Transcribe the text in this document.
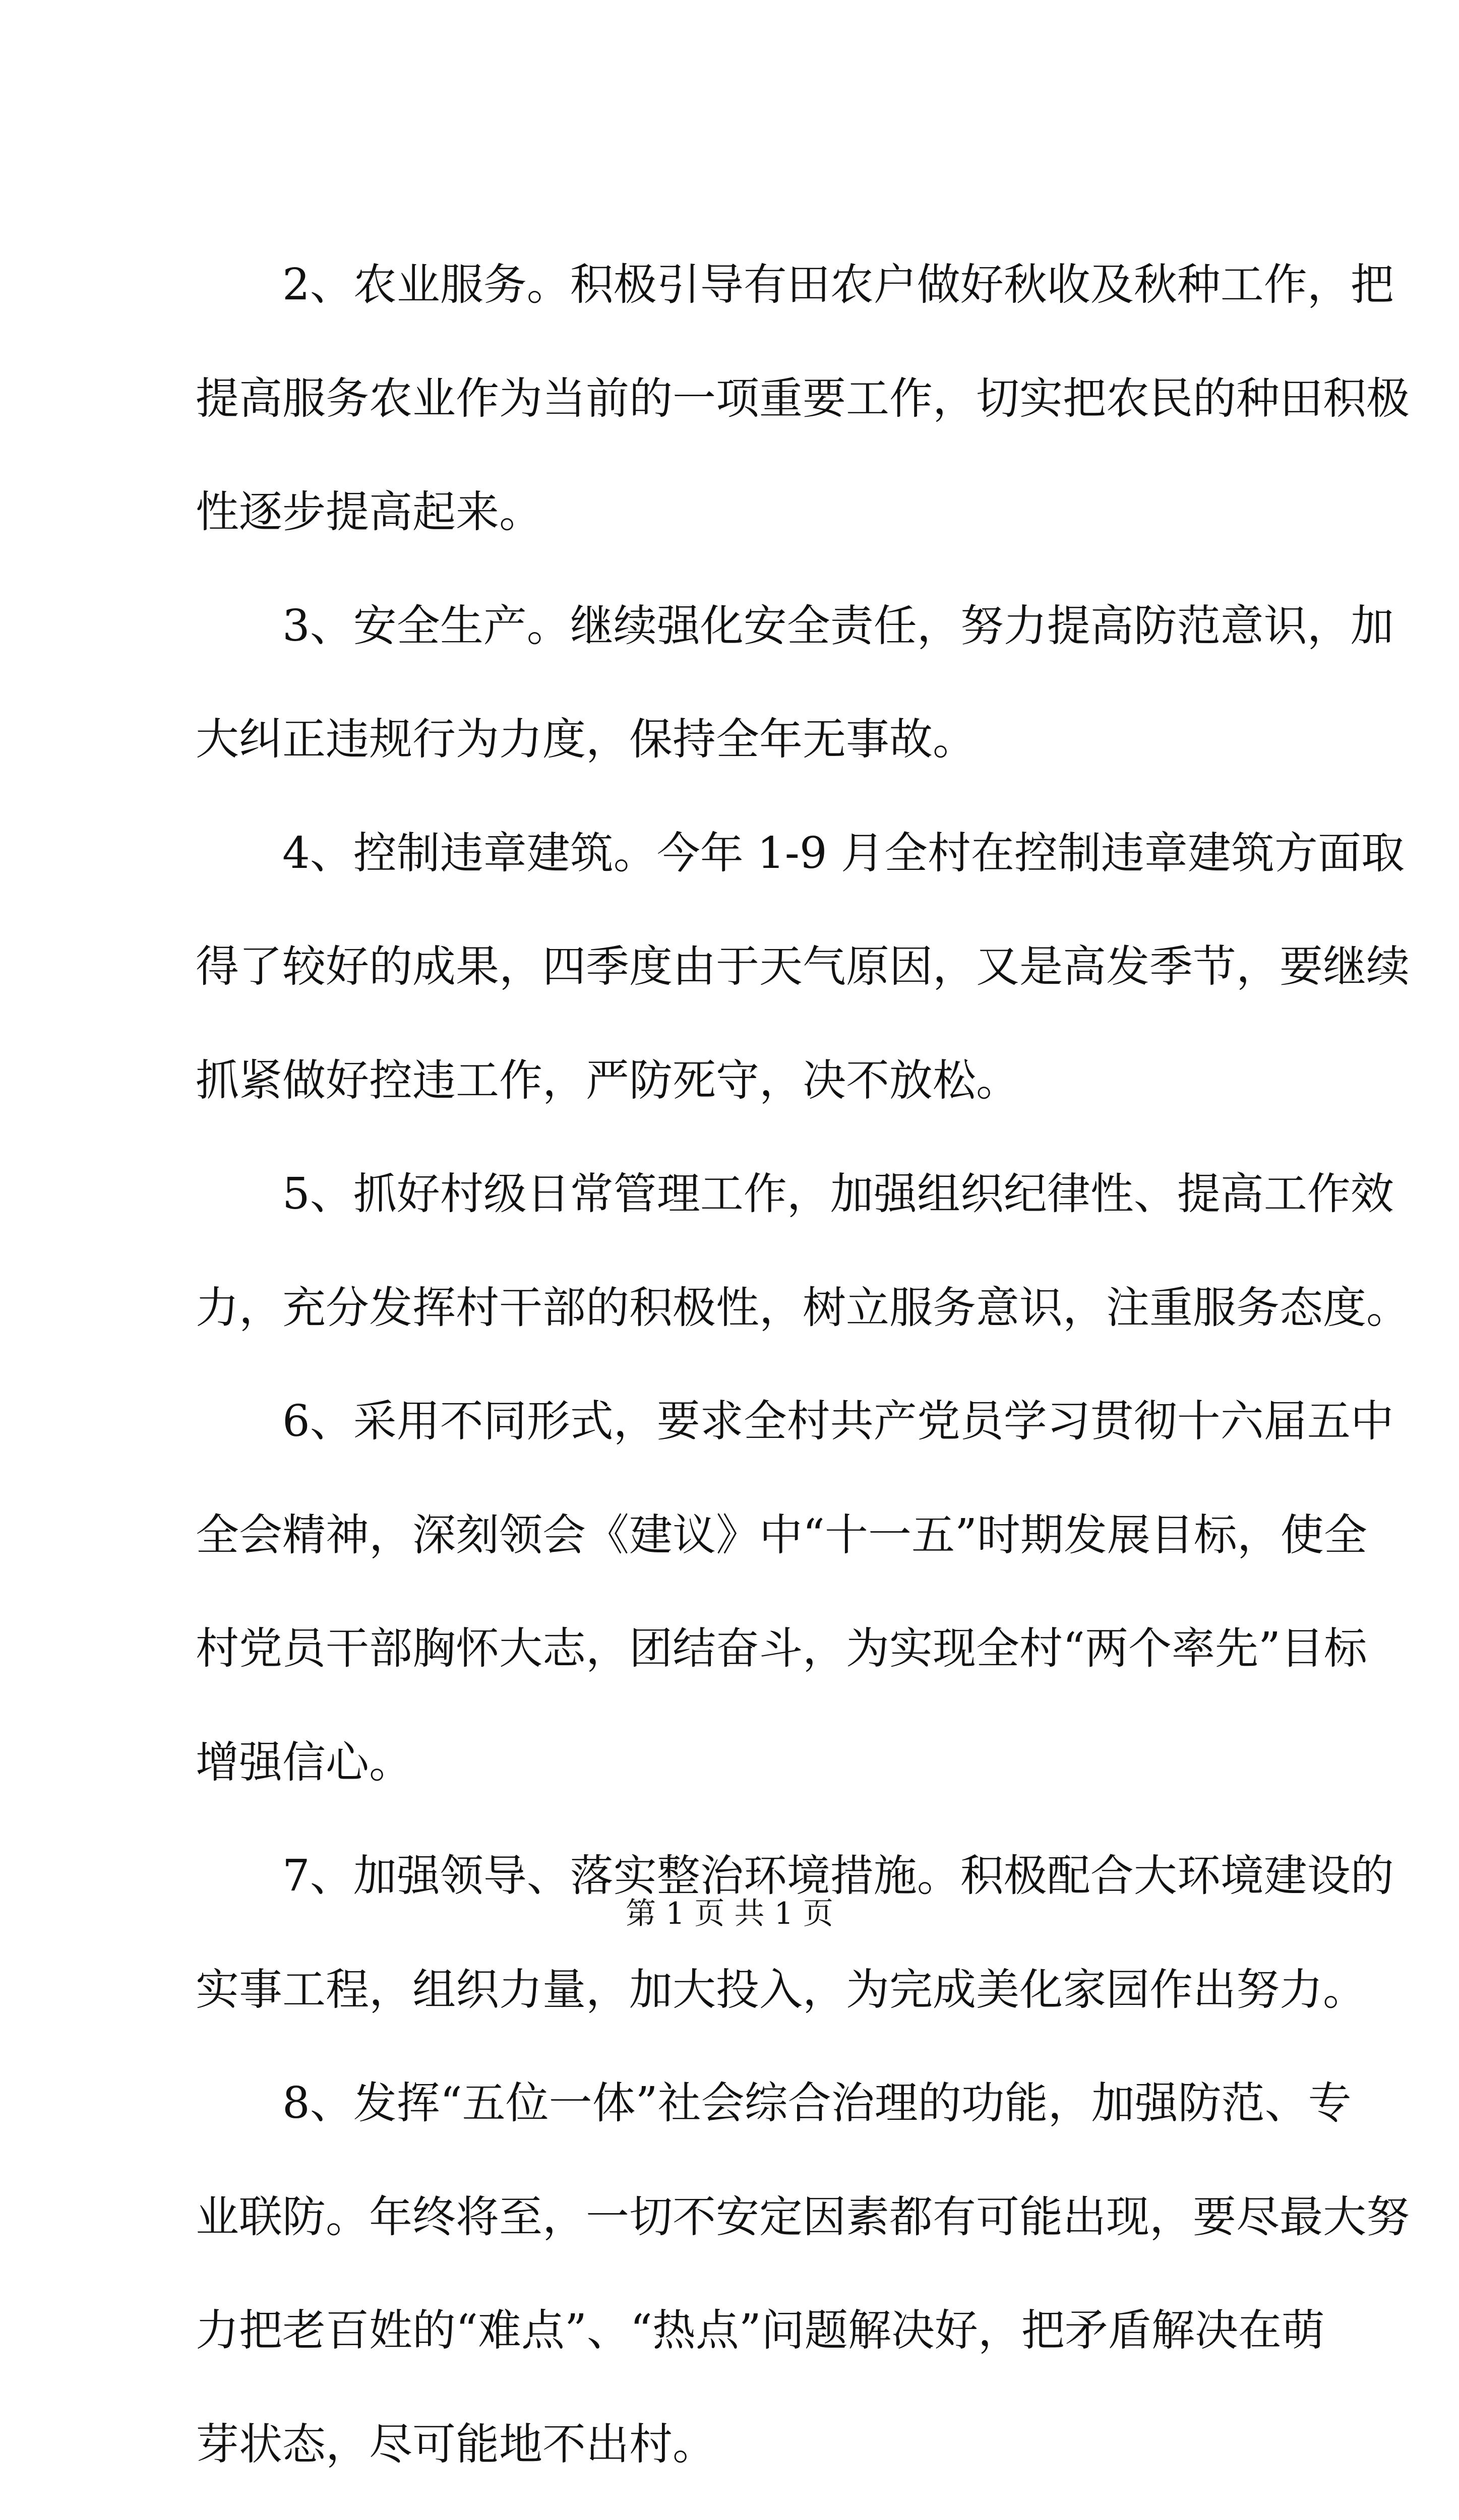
2、农业服务。积极引导有田农户做好秋收及秋种工作，把
提高服务农业作为当前的一项重要工作，切实把农民的种田积极
性逐步提高起来。
3、安全生产。继续强化安全责任，努力提高防范意识，加
大纠正违规行为力度，保持全年无事故。
4、控制违章建筑。今年 1-9 月全村在控制违章建筑方面取
得了较好的成果，四季度由于天气原因，又是高发季节，要继续
抓紧做好控违工作，严防死守，决不放松。
5、抓好村级日常管理工作，加强组织纪律性、提高工作效
力，充分发挥村干部的积极性，树立服务意识，注重服务态度。
6、采用不同形式，要求全村共产党员学习贯彻十六届五中
全会精神，深刻领会《建议》中“十一五”时期发展目标，使全
村党员干部胸怀大志，团结奋斗，为实现全村“两个率先”目标
增强信心。
7、加强领导、落实整治环境措施。积极配合大环境建设的
实事工程，组织力量，加大投入，为完成美化家园作出努力。
8、发挥“五位一体”社会综合治理的功能，加强防范、专
业联防。年终将至，一切不安定因素都有可能出现，要尽最大努
力把老百姓的“难点”、“热点”问题解决好，把矛盾解决在萌
芽状态，尽可能地不出村。
第 1 页 共 1 页
